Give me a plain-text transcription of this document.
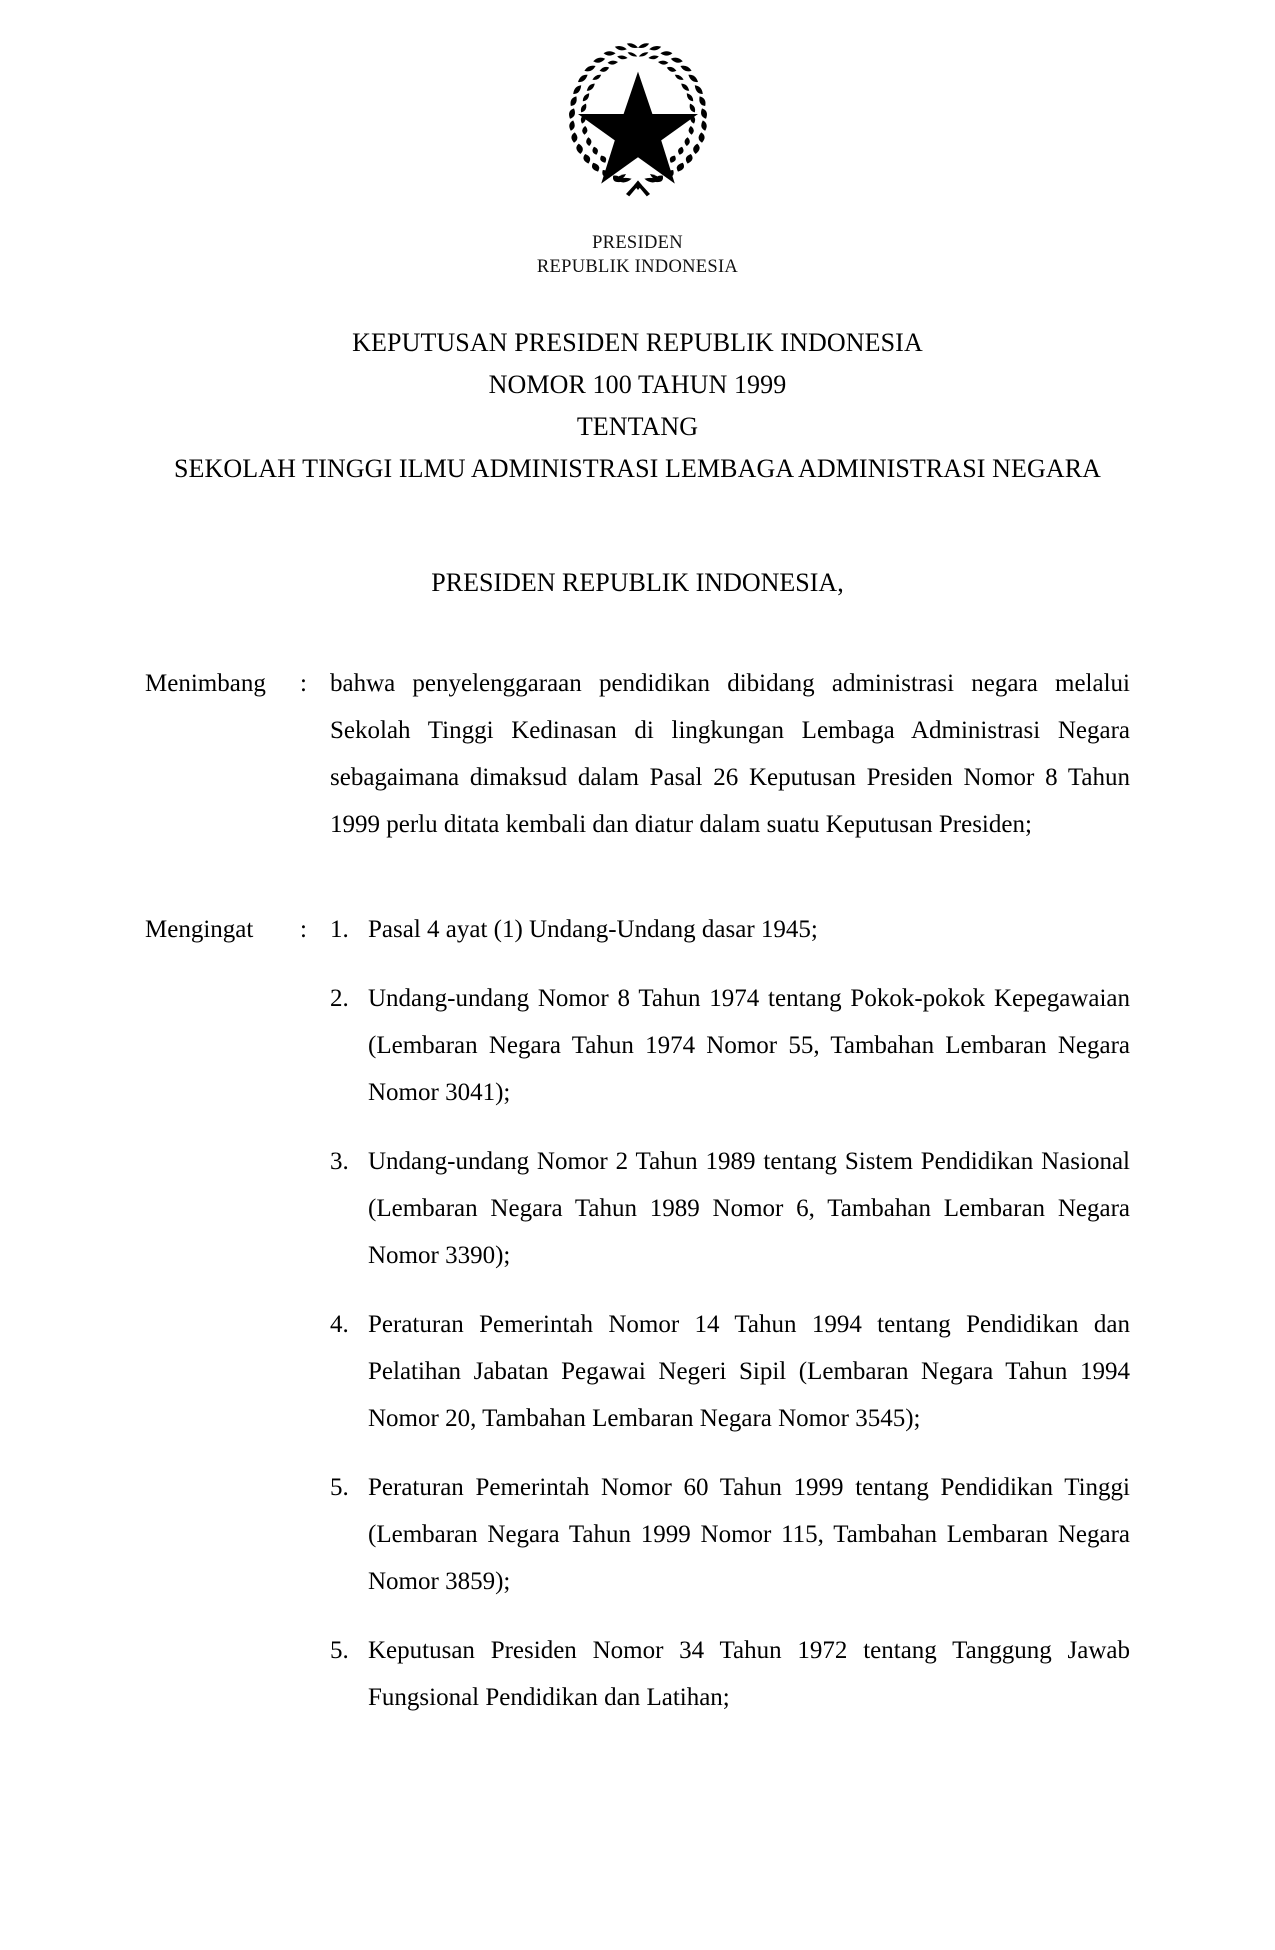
PRESIDEN
REPUBLIK INDONESIA
KEPUTUSAN PRESIDEN REPUBLIK INDONESIA
NOMOR 100 TAHUN 1999
TENTANG
SEKOLAH TINGGI ILMU ADMINISTRASI LEMBAGA ADMINISTRASI NEGARA
PRESIDEN REPUBLIK INDONESIA,
Menimbang	: bahwa penyelenggaraan pendidikan dibidang administrasi negara melalui Sekolah Tinggi Kedinasan di lingkungan Lembaga Administrasi Negara sebagaimana dimaksud dalam Pasal 26 Keputusan Presiden Nomor 8 Tahun 1999 perlu ditata kembali dan diatur dalam suatu Keputusan Presiden;
Mengingat	: 1. Pasal 4 ayat (1) Undang-Undang dasar 1945;
2. Undang-undang Nomor 8 Tahun 1974 tentang Pokok-pokok Kepegawaian (Lembaran Negara Tahun 1974 Nomor 55, Tambahan Lembaran Negara Nomor 3041);
3. Undang-undang Nomor 2 Tahun 1989 tentang Sistem Pendidikan Nasional (Lembaran Negara Tahun 1989 Nomor 6, Tambahan Lembaran Negara Nomor 3390);
4. Peraturan Pemerintah Nomor 14 Tahun 1994 tentang Pendidikan dan Pelatihan Jabatan Pegawai Negeri Sipil (Lembaran Negara Tahun 1994 Nomor 20, Tambahan Lembaran Negara Nomor 3545);
5. Peraturan Pemerintah Nomor 60 Tahun 1999 tentang Pendidikan Tinggi (Lembaran Negara Tahun 1999 Nomor 115, Tambahan Lembaran Negara Nomor 3859);
5. Keputusan Presiden Nomor 34 Tahun 1972 tentang Tanggung Jawab Fungsional Pendidikan dan Latihan;
